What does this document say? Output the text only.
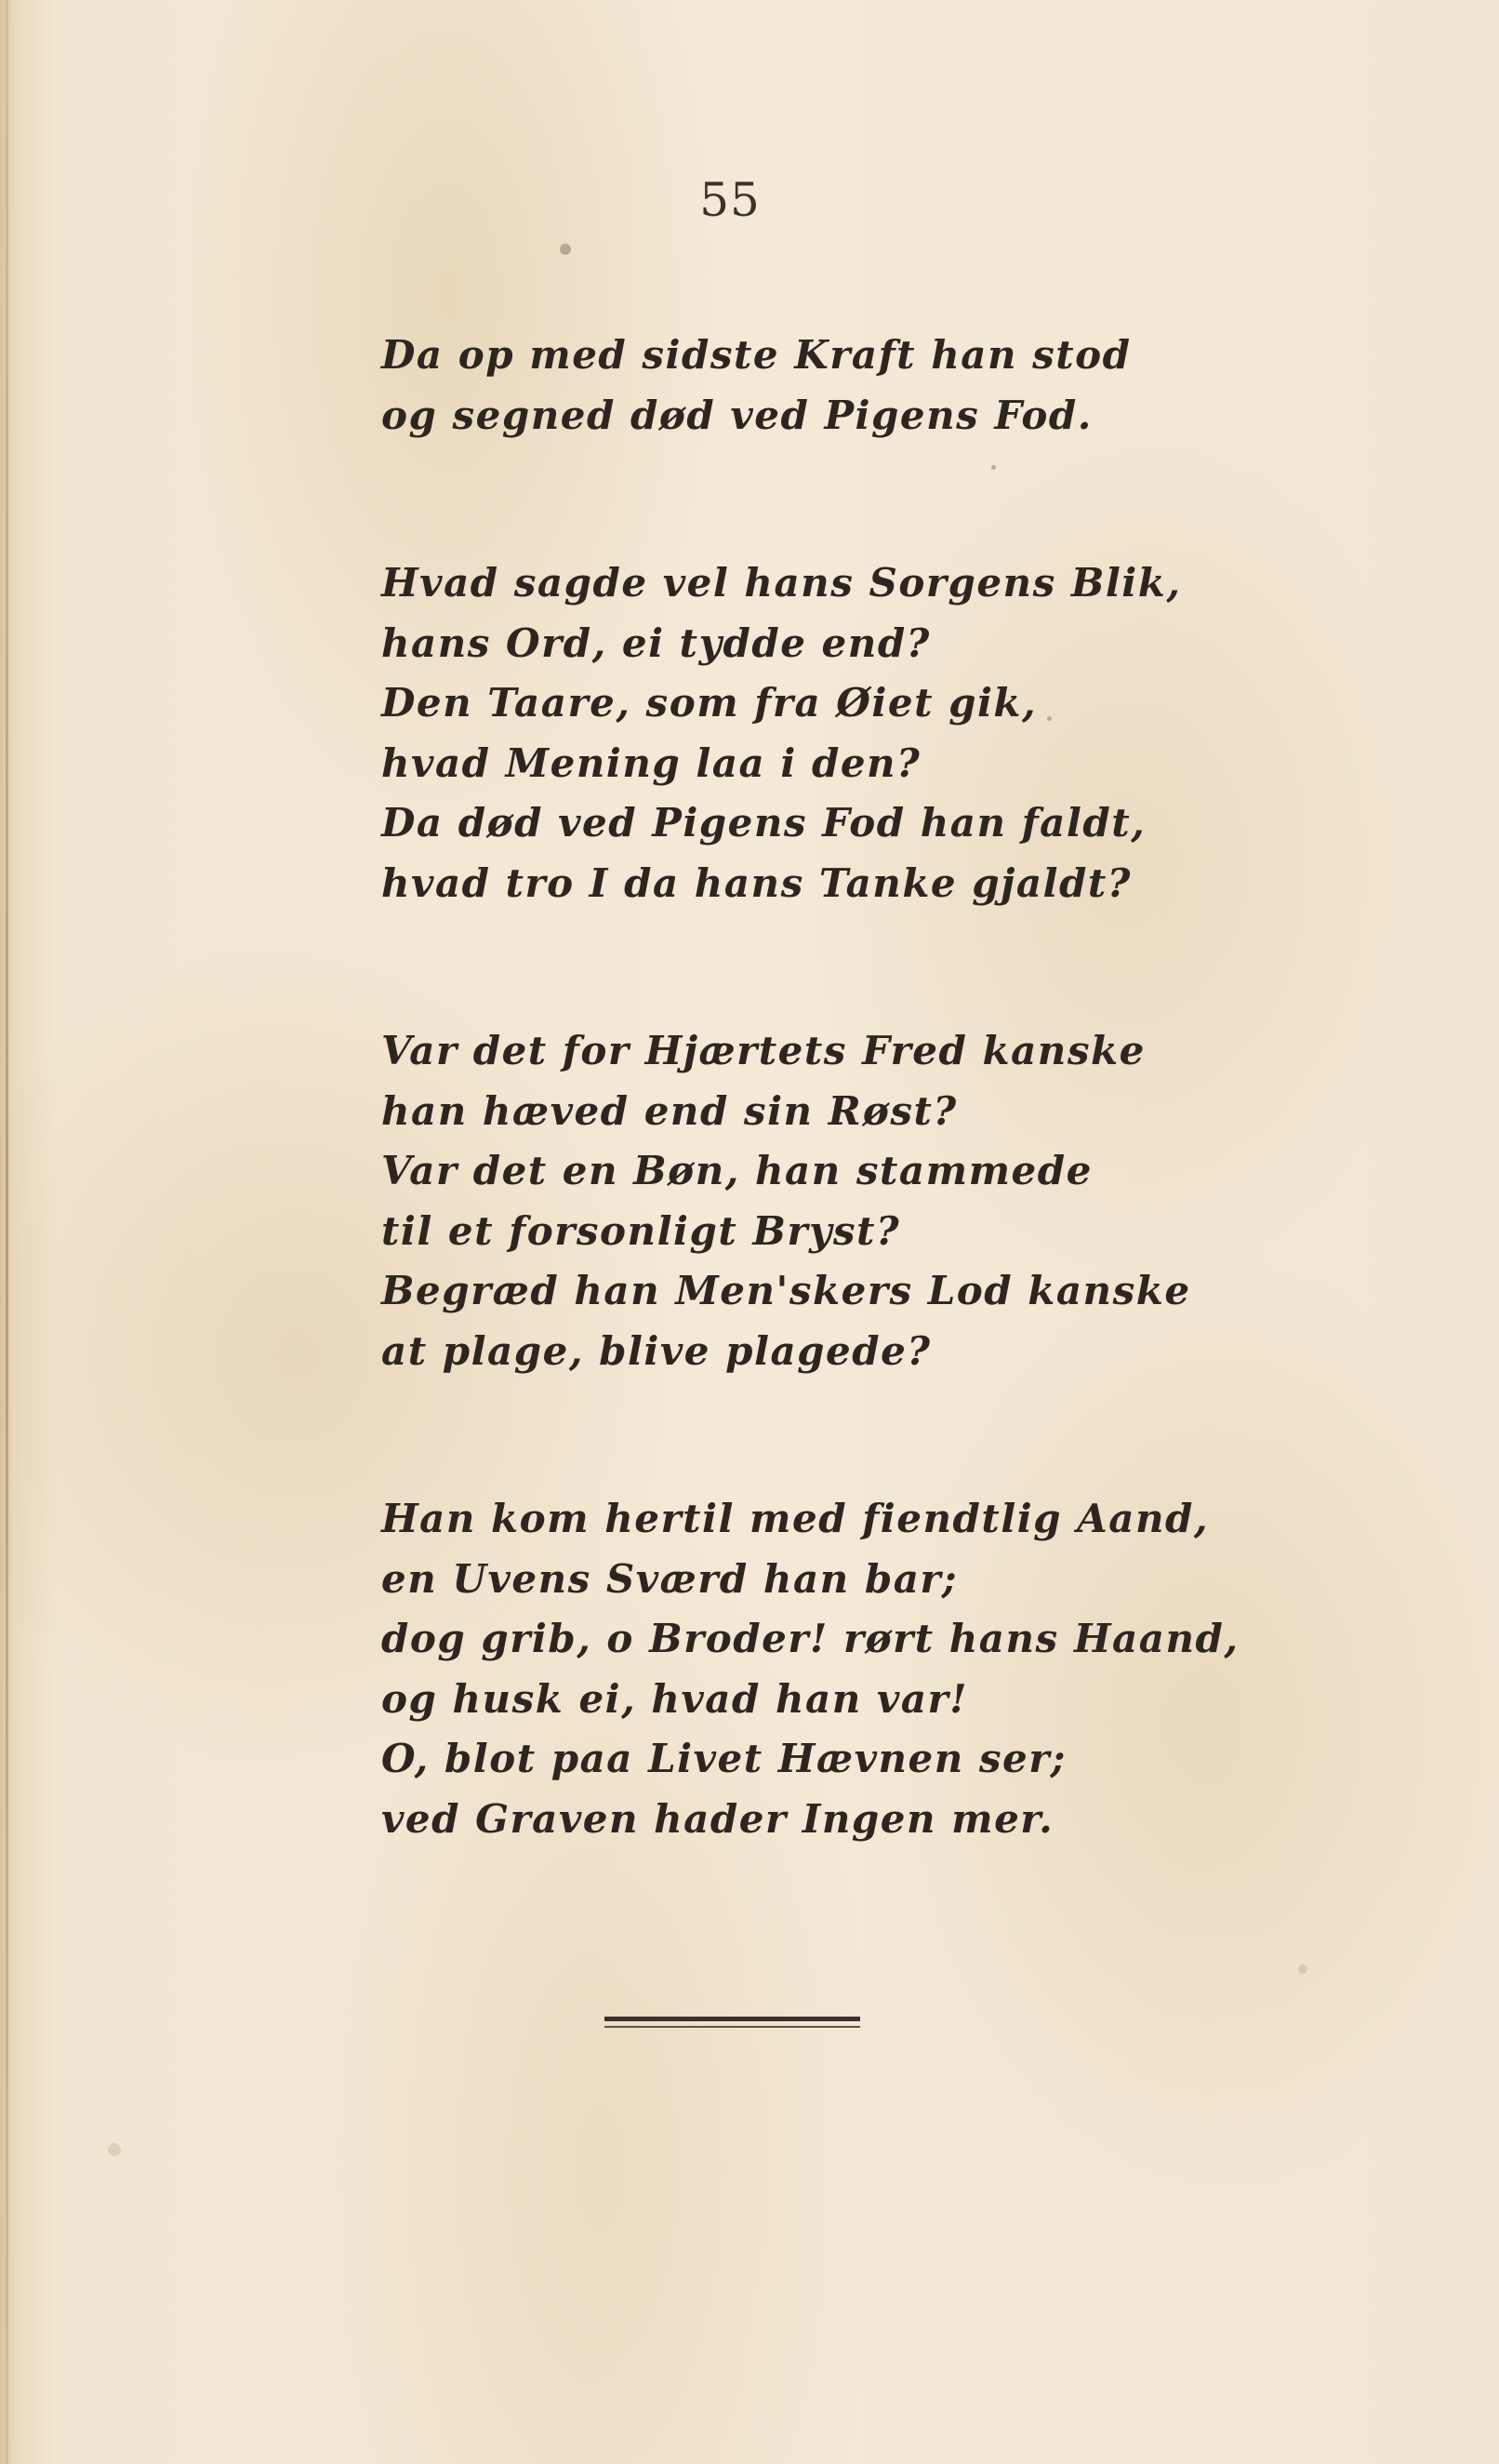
55
Da op med sidste Kraft han stod
og segned død ved Pigens Fod.
Hvad sagde vel hans Sorgens Blik,
hans Ord, ei tydde end?
Den Taare, som fra Øiet gik,
hvad Mening laa i den?
Da død ved Pigens Fod han faldt,
hvad tro I da hans Tanke gjaldt?
Var det for Hjærtets Fred kanske
han hæved end sin Røst?
Var det en Bøn, han stammede
til et forsonligt Bryst?
Begræd han Men'skers Lod kanske
at plage, blive plagede?
Han kom hertil med fiendtlig Aand,
en Uvens Sværd han bar;
dog grib, o Broder! rørt hans Haand,
og husk ei, hvad han var!
O, blot paa Livet Hævnen ser;
ved Graven hader Ingen mer.
